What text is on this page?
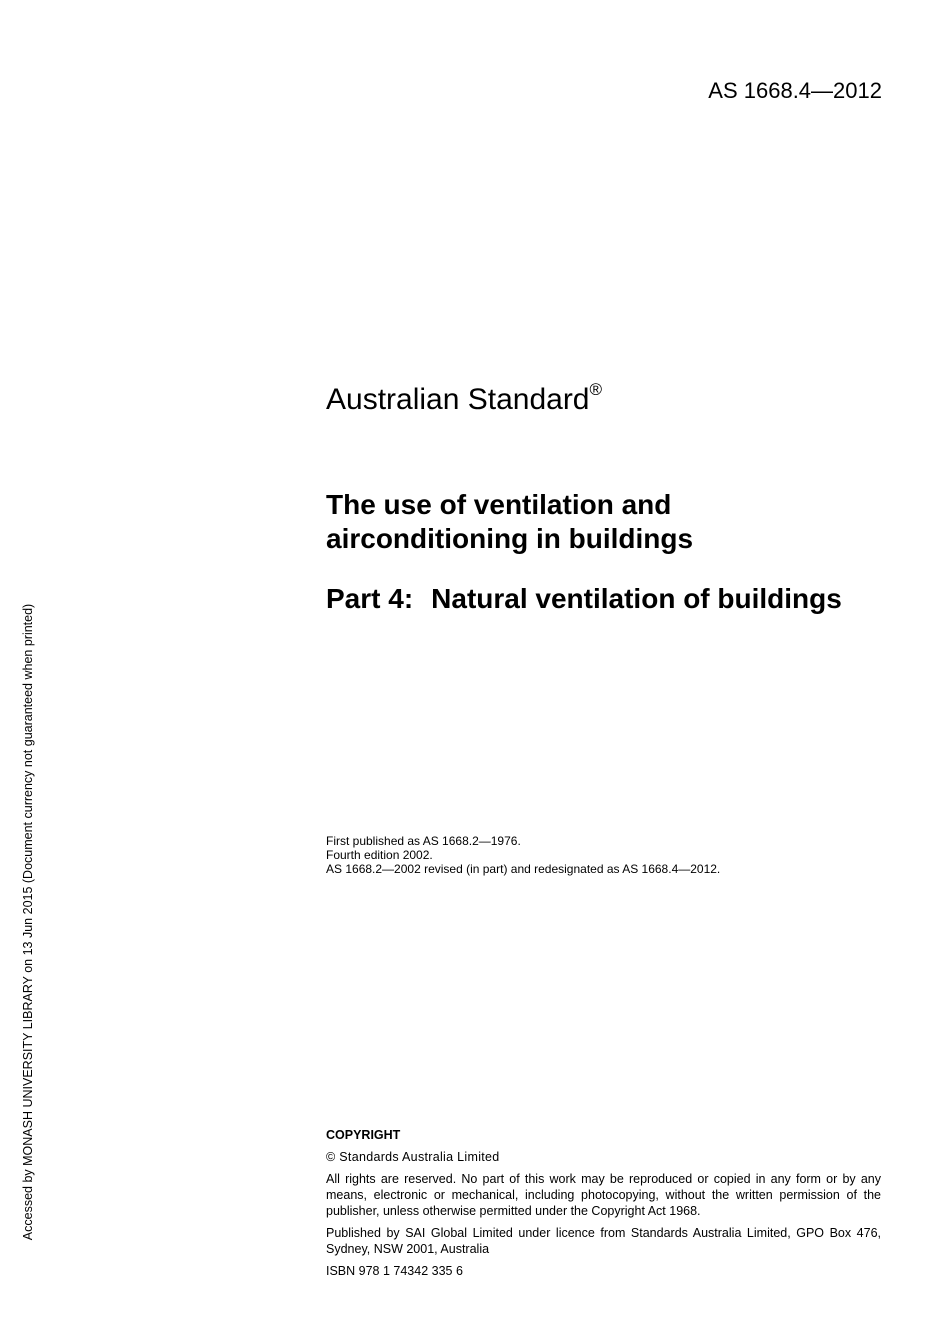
AS 1668.4—2012
Australian Standard®
The use of ventilation and
airconditioning in buildings
Part 4: Natural ventilation of buildings
First published as AS 1668.2—1976.
Fourth edition 2002.
AS 1668.2—2002 revised (in part) and redesignated as AS 1668.4—2012.
COPYRIGHT

© Standards Australia Limited

All rights are reserved. No part of this work may be reproduced or copied in any form or by any means, electronic or mechanical, including photocopying, without the written permission of the publisher, unless otherwise permitted under the Copyright Act 1968.

Published by SAI Global Limited under licence from Standards Australia Limited, GPO Box 476, Sydney, NSW 2001, Australia

ISBN 978 1 74342 335 6

Accessed by MONASH UNIVERSITY LIBRARY on 13 Jun 2015 (Document currency not guaranteed when printed)
